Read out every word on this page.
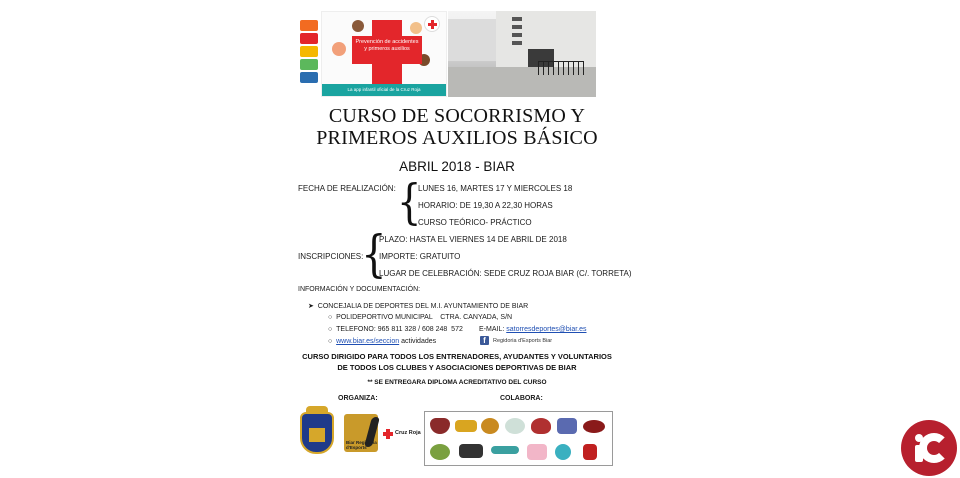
Prevención de accidentes y primeros auxilios
La app infantil oficial de la Cruz Roja
CURSO DE SOCORRISMO Y
PRIMEROS AUXILIOS BÁSICO
ABRIL 2018 - BIAR
FECHA DE REALIZACIÓN: {
LUNES 16, MARTES 17 Y MIERCOLES 18
HORARIO: DE 19,30 A 22,30 HORAS
CURSO TEÓRICO- PRÁCTICO
INSCRIPCIONES:
{
PLAZO: HASTA EL VIERNES 14 DE ABRIL DE 2018
IMPORTE: GRATUITO
LUGAR DE CELEBRACIÓN: SEDE CRUZ ROJA BIAR (C/. TORRETA)
INFORMACIÓN Y DOCUMENTACIÓN:
➤  CONCEJALIA DE DEPORTES DEL M.I. AYUNTAMIENTO DE BIAR
○  POLIDEPORTIVO MUNICIPAL    CTRA. CANYADA, S/N
○  TELEFONO: 965 811 328 / 608 248  572 E-MAIL: satorresdeportes@biar.es
○  www.biar.es/seccion actividades	f Regidoria d'Esports Biar
CURSO DIRIGIDO PARA TODOS LOS ENTRENADORES, AYUDANTES Y VOLUNTARIOS
DE TODOS LOS CLUBES Y ASOCIACIONES DEPORTIVAS DE BIAR
** SE ENTREGARA DIPLOMA ACREDITATIVO DEL CURSO
ORGANIZA:	COLABORA:
Biar Regidoria d'Esports
Cruz Roja
